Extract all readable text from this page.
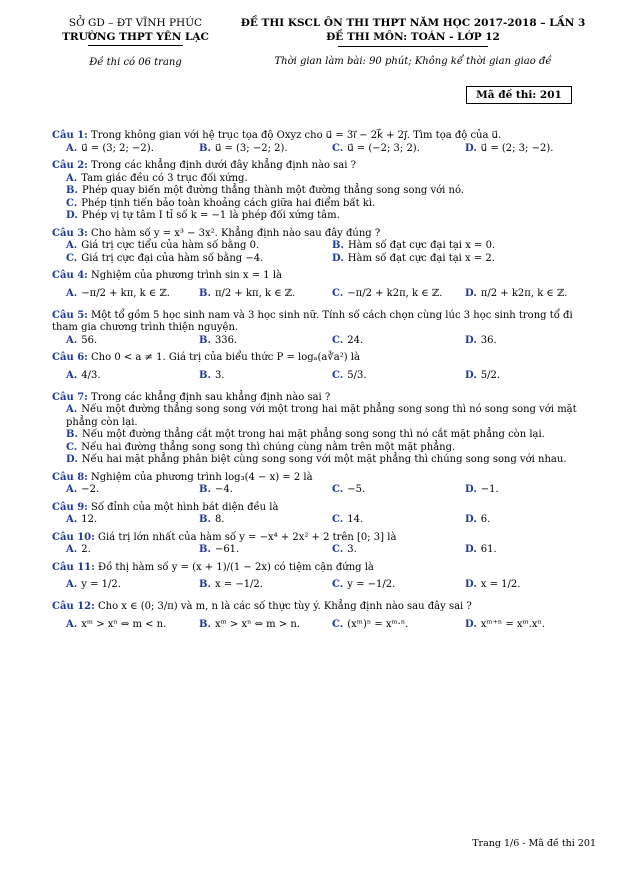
SỞ GD – ĐT VĨNH PHÚC
TRƯỜNG THPT YÊN LẠC
Đề thi có 06 trang
ĐỀ THI KSCL ÔN THI THPT NĂM HỌC 2017-2018 – LẦN 3
ĐỀ THI MÔN: TOÁN - LỚP 12
Thời gian làm bài: 90 phút; Không kể thời gian giao đề
Mã đề thi: 201
Câu 1: Trong không gian với hệ trục tọa độ Oxyz cho u⃗ = 3i⃗ − 2k⃗ + 2j⃗. Tìm tọa độ của u⃗.
A. u⃗ = (3; 2; −2).	B. u⃗ = (3; −2; 2).	C. u⃗ = (−2; 3; 2).	D. u⃗ = (2; 3; −2).
Câu 2: Trong các khẳng định dưới đây khẳng định nào sai ?
A. Tam giác đều có 3 trục đối xứng.
B. Phép quay biến một đường thẳng thành một đường thẳng song song với nó.
C. Phép tịnh tiến bảo toàn khoảng cách giữa hai điểm bất kì.
D. Phép vị tự tâm I tỉ số k = −1 là phép đối xứng tâm.
Câu 3: Cho hàm số y = x³ − 3x². Khẳng định nào sau đây đúng ?
A. Giá trị cực tiểu của hàm số bằng 0.	B. Hàm số đạt cực đại tại x = 0.
C. Giá trị cực đại của hàm số bằng −4.	D. Hàm số đạt cực đại tại x = 2.
Câu 4: Nghiệm của phương trình sin x = 1 là
A. −π/2 + kπ, k ∈ ℤ.	B. π/2 + kπ, k ∈ ℤ.	C. −π/2 + k2π, k ∈ ℤ.	D. π/2 + k2π, k ∈ ℤ.
Câu 5: Một tổ gồm 5 học sinh nam và 3 học sinh nữ. Tính số cách chọn cùng lúc 3 học sinh trong tổ đi tham gia chương trình thiện nguyện.
A. 56.	B. 336.	C. 24.	D. 36.
Câu 6: Cho 0 < a ≠ 1. Giá trị của biểu thức P = logₐ(a∛a²) là
A. 4/3.	B. 3.	C. 5/3.	D. 5/2.
Câu 7: Trong các khẳng định sau khẳng định nào sai ?
A. Nếu một đường thẳng song song với một trong hai mặt phẳng song song thì nó song song với mặt phẳng còn lại.
B. Nếu một đường thẳng cắt một trong hai mặt phẳng song song thì nó cắt mặt phẳng còn lại.
C. Nếu hai đường thẳng song song thì chúng cùng nằm trên một mặt phẳng.
D. Nếu hai mặt phẳng phân biệt cùng song song với một mặt phẳng thì chúng song song với nhau.
Câu 8: Nghiệm của phương trình log₃(4 − x) = 2 là
A. −2.	B. −4.	C. −5.	D. −1.
Câu 9: Số đỉnh của một hình bát diện đều là
A. 12.	B. 8.	C. 14.	D. 6.
Câu 10: Giá trị lớn nhất của hàm số y = −x⁴ + 2x² + 2 trên [0; 3] là
A. 2.	B. −61.	C. 3.	D. 61.
Câu 11: Đồ thị hàm số y = (x + 1)/(1 − 2x) có tiệm cận đứng là
A. y = 1/2.	B. x = −1/2.	C. y = −1/2.	D. x = 1/2.
Câu 12: Cho x ∈ (0; 3/π) và m, n là các số thực tùy ý. Khẳng định nào sau đây sai ?
A. xᵐ > xⁿ ⇔ m < n.	B. xᵐ > xⁿ ⇔ m > n.	C. (xᵐ)ⁿ = xᵐ·ⁿ.	D. xᵐ⁺ⁿ = xᵐ.xⁿ.
Trang 1/6 - Mã đề thi 201
